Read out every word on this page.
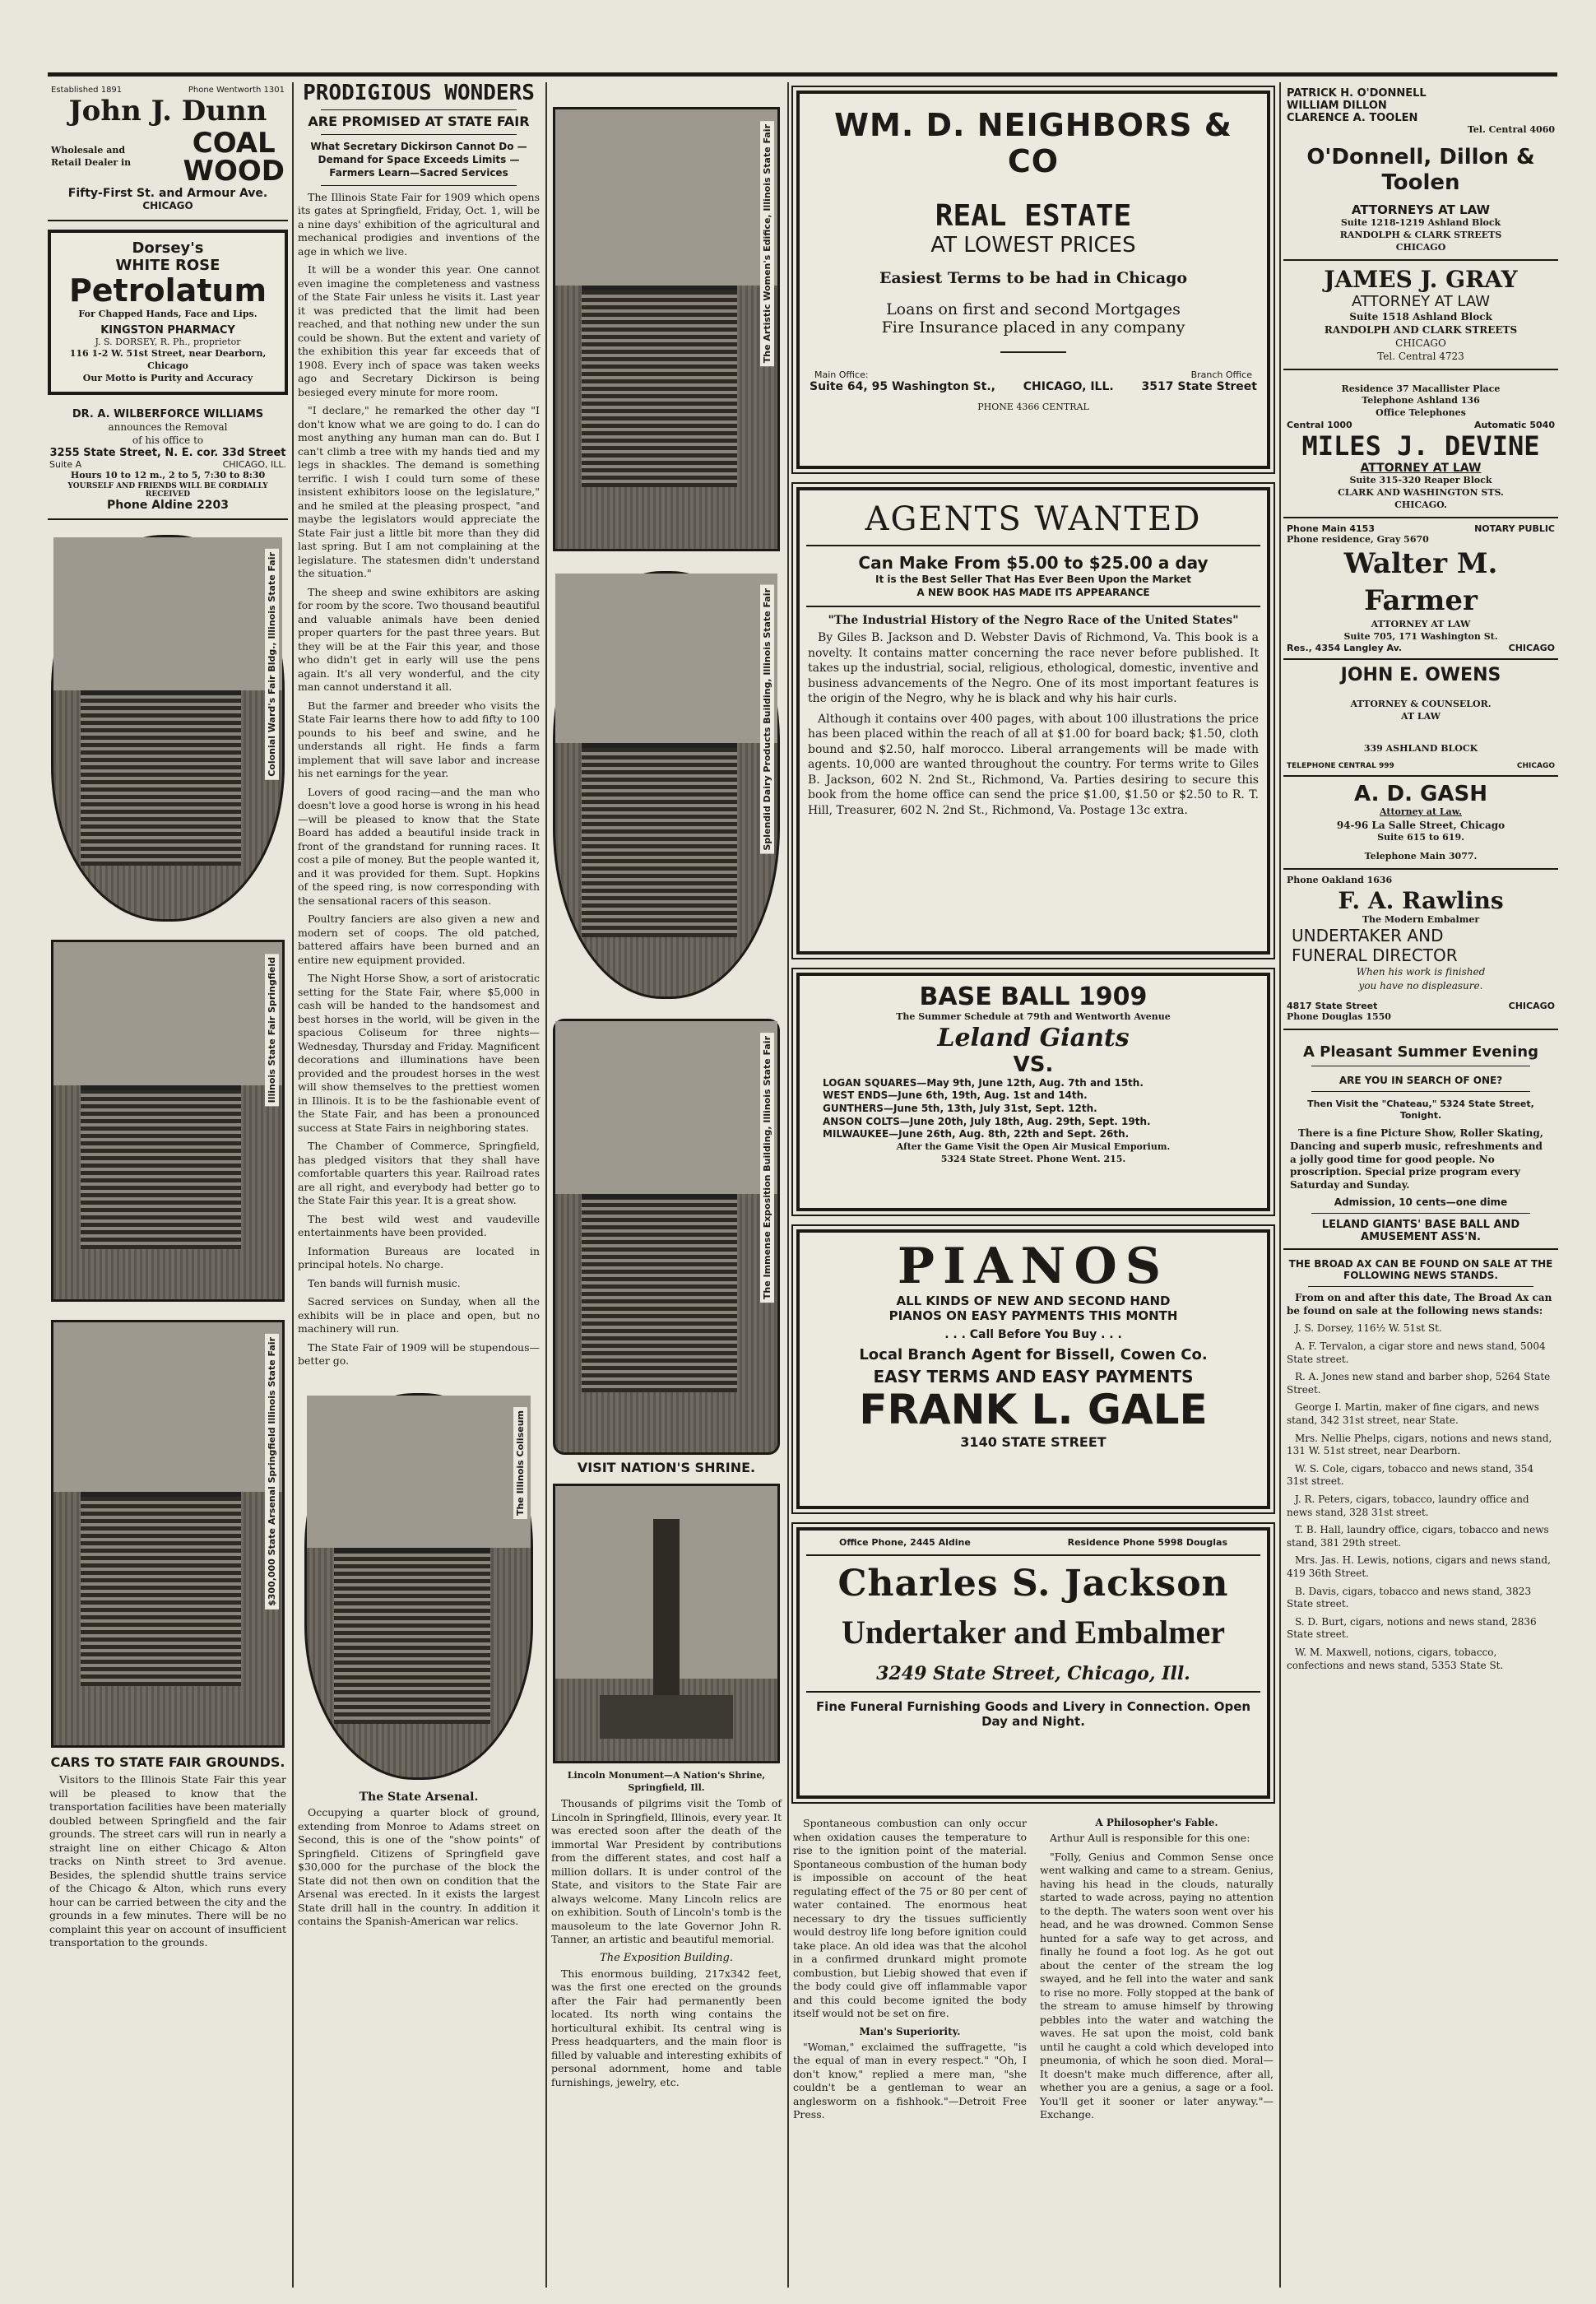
Established 1891	Phone Wentworth 1301
John J. Dunn
Wholesale and Retail Dealer in
COAL
WOOD
Fifty-First St. and Armour Ave.
CHICAGO
Dorsey's
WHITE ROSE
Petrolatum
For Chapped Hands, Face and Lips.
KINGSTON PHARMACY
J. S. DORSEY, R. Ph., proprietor
116 1-2 W. 51st Street, near Dearborn, Chicago
Our Motto is Purity and Accuracy
DR. A. WILBERFORCE WILLIAMS
announces the Removal
of his office to
3255 State Street, N. E. cor. 33d Street
Suite A	CHICAGO, ILL.
Hours 10 to 12 m., 2 to 5, 7:30 to 8:30
YOURSELF AND FRIENDS WILL BE CORDIALLY RECEIVED
Phone Aldine 2203
Colonial Ward's Fair Bldg., Illinois State Fair
Illinois State Fair Springfield
$300,000 State Arsenal Springfield Illinois State Fair
CARS TO STATE FAIR GROUNDS.
Visitors to the Illinois State Fair this year will be pleased to know that the transportation facilities have been materially doubled between Springfield and the fair grounds. The street cars will run in nearly a straight line on either Chicago & Alton tracks on Ninth street to 3rd avenue. Besides, the splendid shuttle trains service of the Chicago & Alton, which runs every hour can be carried between the city and the grounds in a few minutes. There will be no complaint this year on account of insufficient transportation to the grounds.
PRODIGIOUS WONDERS
ARE PROMISED AT STATE FAIR
What Secretary Dickirson Cannot Do —Demand for Space Exceeds Limits —Farmers Learn—Sacred Services
The Illinois State Fair for 1909 which opens its gates at Springfield, Friday, Oct. 1, will be a nine days' exhibition of the agricultural and mechanical prodigies and inventions of the age in which we live.
It will be a wonder this year. One cannot even imagine the completeness and vastness of the State Fair unless he visits it. Last year it was predicted that the limit had been reached, and that nothing new under the sun could be shown. But the extent and variety of the exhibition this year far exceeds that of 1908. Every inch of space was taken weeks ago and Secretary Dickirson is being besieged every minute for more room.
"I declare," he remarked the other day "I don't know what we are going to do. I can do most anything any human man can do. But I can't climb a tree with my hands tied and my legs in shackles. The demand is something terrific. I wish I could turn some of these insistent exhibitors loose on the legislature," and he smiled at the pleasing prospect, "and maybe the legislators would appreciate the State Fair just a little bit more than they did last spring. But I am not complaining at the legislature. The statesmen didn't understand the situation."
The sheep and swine exhibitors are asking for room by the score. Two thousand beautiful and valuable animals have been denied proper quarters for the past three years. But they will be at the Fair this year, and those who didn't get in early will use the pens again. It's all very wonderful, and the city man cannot understand it all.
But the farmer and breeder who visits the State Fair learns there how to add fifty to 100 pounds to his beef and swine, and he understands all right. He finds a farm implement that will save labor and increase his net earnings for the year.
Lovers of good racing—and the man who doesn't love a good horse is wrong in his head—will be pleased to know that the State Board has added a beautiful inside track in front of the grandstand for running races. It cost a pile of money. But the people wanted it, and it was provided for them. Supt. Hopkins of the speed ring, is now corresponding with the sensational racers of this season.
Poultry fanciers are also given a new and modern set of coops. The old patched, battered affairs have been burned and an entire new equipment provided.
The Night Horse Show, a sort of aristocratic setting for the State Fair, where $5,000 in cash will be handed to the handsomest and best horses in the world, will be given in the spacious Coliseum for three nights—Wednesday, Thursday and Friday. Magnificent decorations and illuminations have been provided and the proudest horses in the west will show themselves to the prettiest women in Illinois. It is to be the fashionable event of the State Fair, and has been a pronounced success at State Fairs in neighboring states.
The Chamber of Commerce, Springfield, has pledged visitors that they shall have comfortable quarters this year. Railroad rates are all right, and everybody had better go to the State Fair this year. It is a great show.
The best wild west and vaudeville entertainments have been provided.
Information Bureaus are located in principal hotels. No charge.
Ten bands will furnish music.
Sacred services on Sunday, when all the exhibits will be in place and open, but no machinery will run.
The State Fair of 1909 will be stupendous—better go.
The Illinois Coliseum
The State Arsenal.
Occupying a quarter block of ground, extending from Monroe to Adams street on Second, this is one of the "show points" of Springfield. Citizens of Springfield gave $30,000 for the purchase of the block the State did not then own on condition that the Arsenal was erected. In it exists the largest State drill hall in the country. In addition it contains the Spanish-American war relics.
The Artistic Women's Edifice, Illinois State Fair
Splendid Dairy Products Building, Illinois State Fair
The Immense Exposition Building, Illinois State Fair
VISIT NATION'S SHRINE.
Lincoln Monument—A Nation's Shrine, Springfield, Ill.
Thousands of pilgrims visit the Tomb of Lincoln in Springfield, Illinois, every year. It was erected soon after the death of the immortal War President by contributions from the different states, and cost half a million dollars. It is under control of the State, and visitors to the State Fair are always welcome. Many Lincoln relics are on exhibition. South of Lincoln's tomb is the mausoleum to the late Governor John R. Tanner, an artistic and beautiful memorial.
The Exposition Building.
This enormous building, 217x342 feet, was the first one erected on the grounds after the Fair had permanently been located. Its north wing contains the horticultural exhibit. Its central wing is Press headquarters, and the main floor is filled by valuable and interesting exhibits of personal adornment, home and table furnishings, jewelry, etc.
WM. D. NEIGHBORS & CO
REAL ESTATE
AT LOWEST PRICES
Easiest Terms to be had in Chicago
Loans on first and second Mortgages
Fire Insurance placed in any company
Main Office:	Branch Office
Suite 64, 95 Washington St., CHICAGO, ILL. 3517 State Street
PHONE 4366 CENTRAL
AGENTS WANTED
Can Make From $5.00 to $25.00 a day
It is the Best Seller That Has Ever Been Upon the Market
A NEW BOOK HAS MADE ITS APPEARANCE
"The Industrial History of the Negro Race of the United States"
By Giles B. Jackson and D. Webster Davis of Richmond, Va. This book is a novelty. It contains matter concerning the race never before published. It takes up the industrial, social, religious, ethological, domestic, inventive and business advancements of the Negro. One of its most important features is the origin of the Negro, why he is black and why his hair curls.
Although it contains over 400 pages, with about 100 illustrations the price has been placed within the reach of all at $1.00 for board back; $1.50, cloth bound and $2.50, half morocco. Liberal arrangements will be made with agents. 10,000 are wanted throughout the country. For terms write to Giles B. Jackson, 602 N. 2nd St., Richmond, Va. Parties desiring to secure this book from the home office can send the price $1.00, $1.50 or $2.50 to R. T. Hill, Treasurer, 602 N. 2nd St., Richmond, Va. Postage 13c extra.
BASE BALL 1909
The Summer Schedule at 79th and Wentworth Avenue
Leland Giants
VS.
LOGAN SQUARES—May 9th, June 12th, Aug. 7th and 15th.
WEST ENDS—June 6th, 19th, Aug. 1st and 14th.
GUNTHERS—June 5th, 13th, July 31st, Sept. 12th.
ANSON COLTS—June 20th, July 18th, Aug. 29th, Sept. 19th.
MILWAUKEE—June 26th, Aug. 8th, 22th and Sept. 26th.
After the Game Visit the Open Air Musical Emporium.
5324 State Street. Phone Went. 215.
PIANOS
ALL KINDS OF NEW AND SECOND HAND
PIANOS ON EASY PAYMENTS THIS MONTH
. . . Call Before You Buy . . .
Local Branch Agent for Bissell, Cowen Co.
EASY TERMS AND EASY PAYMENTS
FRANK L. GALE
3140 STATE STREET
Office Phone, 2445 Aldine	Residence Phone 5998 Douglas
Charles S. Jackson
Undertaker and Embalmer
3249 State Street, Chicago, Ill.
Fine Funeral Furnishing Goods and Livery in Connection. Open Day and Night.
Spontaneous combustion can only occur when oxidation causes the temperature to rise to the ignition point of the material. Spontaneous combustion of the human body is impossible on account of the heat regulating effect of the 75 or 80 per cent of water contained. The enormous heat necessary to dry the tissues sufficiently would destroy life long before ignition could take place. An old idea was that the alcohol in a confirmed drunkard might promote combustion, but Liebig showed that even if the body could give off inflammable vapor and this could become ignited the body itself would not be set on fire.
Man's Superiority.
"Woman," exclaimed the suffragette, "is the equal of man in every respect." "Oh, I don't know," replied a mere man, "she couldn't be a gentleman to wear an anglesworm on a fishhook."—Detroit Free Press.
A Philosopher's Fable.
Arthur Aull is responsible for this one:
"Folly, Genius and Common Sense once went walking and came to a stream. Genius, having his head in the clouds, naturally started to wade across, paying no attention to the depth. The waters soon went over his head, and he was drowned. Common Sense hunted for a safe way to get across, and finally he found a foot log. As he got out about the center of the stream the log swayed, and he fell into the water and sank to rise no more. Folly stopped at the bank of the stream to amuse himself by throwing pebbles into the water and watching the waves. He sat upon the moist, cold bank until he caught a cold which developed into pneumonia, of which he soon died. Moral—It doesn't make much difference, after all, whether you are a genius, a sage or a fool. You'll get it sooner or later anyway."—Exchange.
PATRICK H. O'DONNELL
WILLIAM DILLON
CLARENCE A. TOOLEN
Tel. Central 4060
O'Donnell, Dillon & Toolen
ATTORNEYS AT LAW
Suite 1218-1219 Ashland Block
RANDOLPH & CLARK STREETS
CHICAGO
JAMES J. GRAY
ATTORNEY AT LAW
Suite 1518 Ashland Block
RANDOLPH AND CLARK STREETS
CHICAGO
Tel. Central 4723
Residence 37 Macallister Place
Telephone Ashland 136
Office Telephones
Central 1000	Automatic 5040
MILES J. DEVINE
ATTORNEY AT LAW
Suite 315-320 Reaper Block
CLARK AND WASHINGTON STS.
CHICAGO.
Phone Main 4153	NOTARY PUBLIC
Phone residence, Gray 5670
Walter M. Farmer
ATTORNEY AT LAW
Suite 705, 171 Washington St.
Res., 4354 Langley Av.	CHICAGO
JOHN E. OWENS
ATTORNEY & COUNSELOR.
AT LAW
339 ASHLAND BLOCK
TELEPHONE CENTRAL 999	CHICAGO
A. D. GASH
Attorney at Law.
94-96 La Salle Street, Chicago
Suite 615 to 619.
Telephone Main 3077.
Phone Oakland 1636
F. A. Rawlins
The Modern Embalmer
UNDERTAKER AND
FUNERAL DIRECTOR
When his work is finished
you have no displeasure.
4817 State Street	CHICAGO
Phone Douglas 1550
A Pleasant Summer Evening
ARE YOU IN SEARCH OF ONE?
Then Visit the "Chateau," 5324 State Street, Tonight.
There is a fine Picture Show, Roller Skating, Dancing and superb music, refreshments and a jolly good time for good people. No proscription. Special prize program every Saturday and Sunday.
Admission, 10 cents—one dime
LELAND GIANTS' BASE BALL AND AMUSEMENT ASS'N.
THE BROAD AX CAN BE FOUND ON SALE AT THE FOLLOWING NEWS STANDS.
From on and after this date, The Broad Ax can be found on sale at the following news stands:
J. S. Dorsey, 116½ W. 51st St.
A. F. Tervalon, a cigar store and news stand, 5004 State street.
R. A. Jones new stand and barber shop, 5264 State Street.
George I. Martin, maker of fine cigars, and news stand, 342 31st street, near State.
Mrs. Nellie Phelps, cigars, notions and news stand, 131 W. 51st street, near Dearborn.
W. S. Cole, cigars, tobacco and news stand, 354 31st street.
J. R. Peters, cigars, tobacco, laundry office and news stand, 328 31st street.
T. B. Hall, laundry office, cigars, tobacco and news stand, 381 29th street.
Mrs. Jas. H. Lewis, notions, cigars and news stand, 419 36th Street.
B. Davis, cigars, tobacco and news stand, 3823 State street.
S. D. Burt, cigars, notions and news stand, 2836 State street.
W. M. Maxwell, notions, cigars, tobacco, confections and news stand, 5353 State St.
